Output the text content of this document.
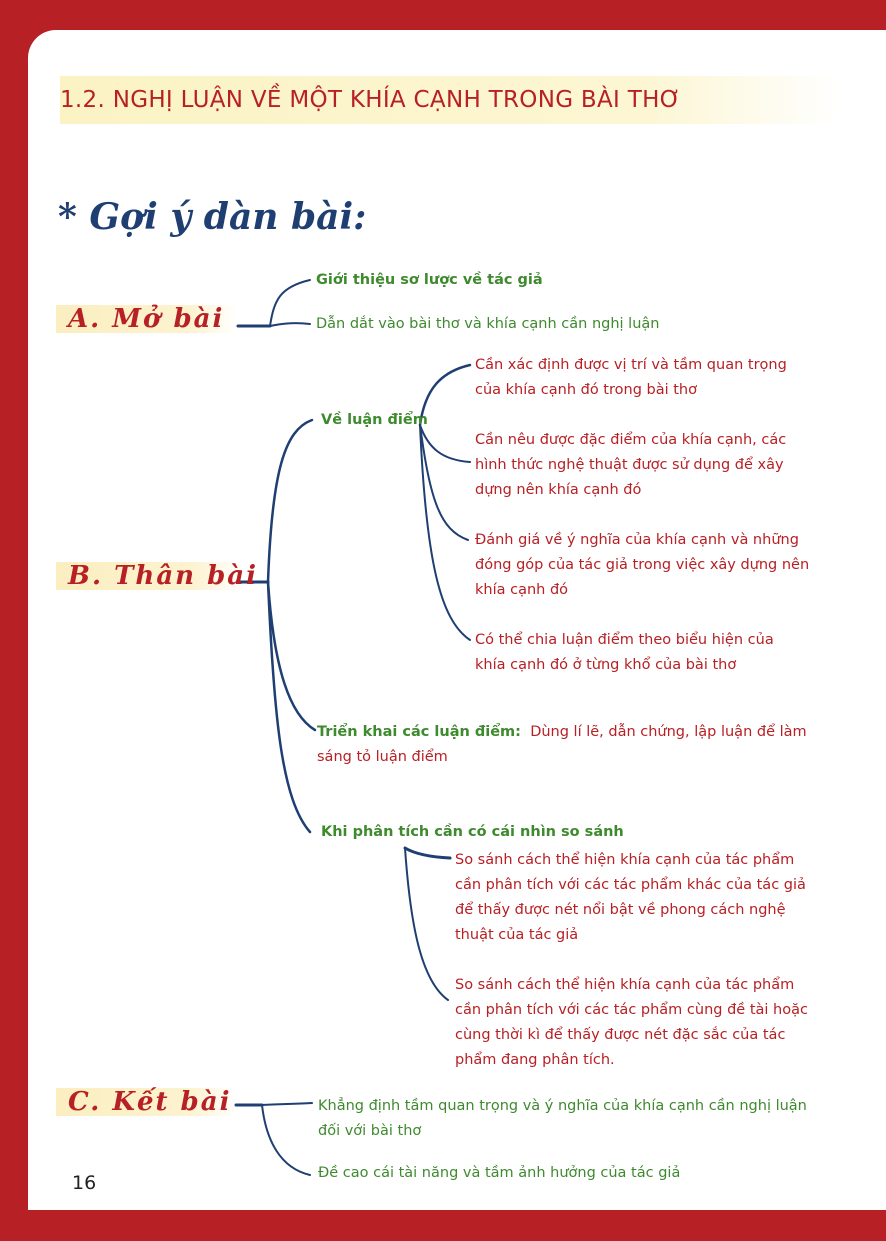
1.2. NGHỊ LUẬN VỀ MỘT KHÍA CẠNH TRONG BÀI THƠ
* Gợi ý dàn bài:
A. Mở bài
Giới thiệu sơ lược về tác giả
Dẫn dắt vào bài thơ và khía cạnh cần nghị luận
B. Thân bài
Về luận điểm
Cần xác định được vị trí và tầm quan trọng
của khía cạnh đó trong bài thơ
Cần nêu được đặc điểm của khía cạnh, các
hình thức nghệ thuật được sử dụng để xây
dựng nên khía cạnh đó
Đánh giá về ý nghĩa của khía cạnh và những
đóng góp của tác giả trong việc xây dựng nên
khía cạnh đó
Có thể chia luận điểm theo biểu hiện của
khía cạnh đó ở từng khổ của bài thơ
Triển khai các luận điểm: Dùng lí lẽ, dẫn chứng, lập luận để làm
sáng tỏ luận điểm
Khi phân tích cần có cái nhìn so sánh
So sánh cách thể hiện khía cạnh của tác phẩm
cần phân tích với các tác phẩm khác của tác giả
để thấy được nét nổi bật về phong cách nghệ
thuật của tác giả
So sánh cách thể hiện khía cạnh của tác phẩm
cần phân tích với các tác phẩm cùng đề tài hoặc
cùng thời kì để thấy được nét đặc sắc của tác
phẩm đang phân tích.
C. Kết bài	Khẳng định tầm quan trọng và ý nghĩa của khía cạnh cần nghị luận
đối với bài thơ
Đề cao cái tài năng và tầm ảnh hưởng của tác giả
16
